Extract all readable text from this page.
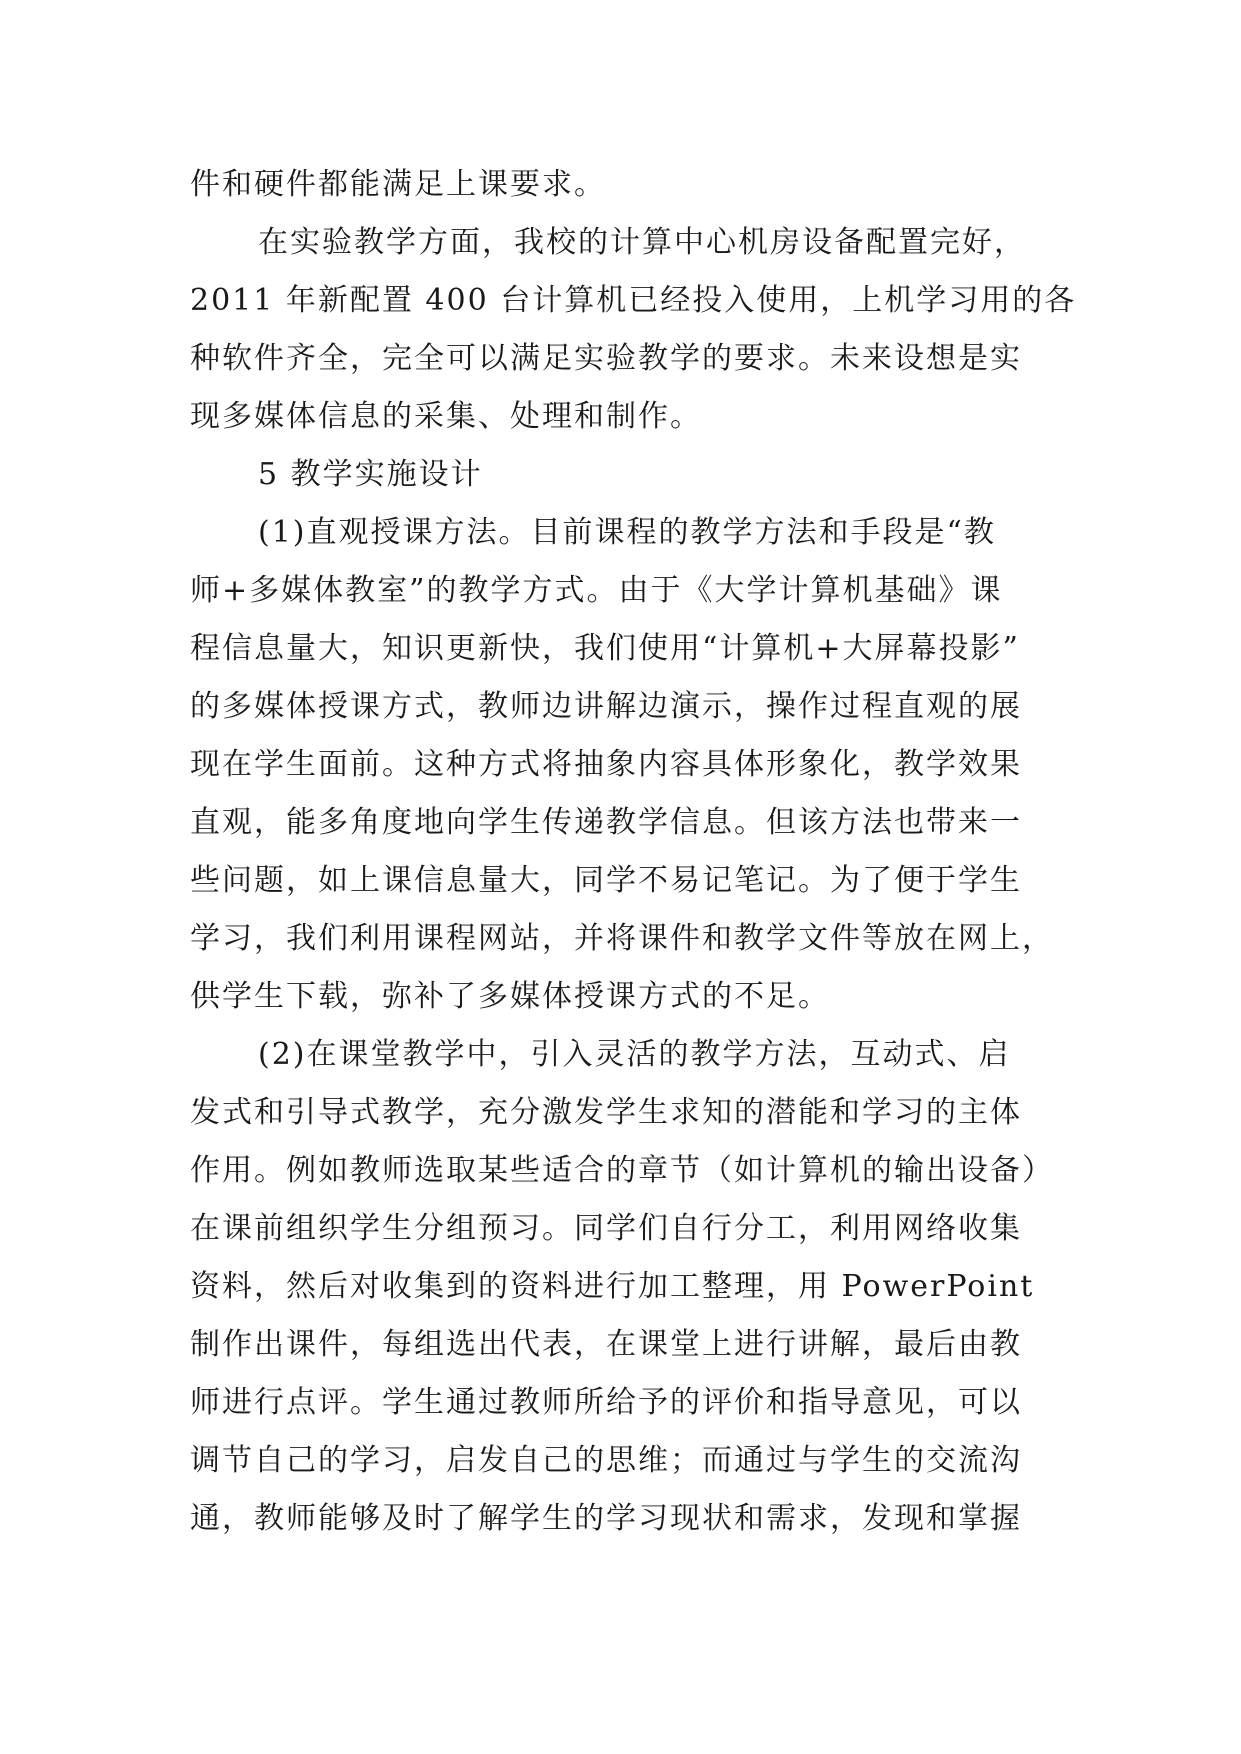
件和硬件都能满足上课要求。
在实验教学方面，我校的计算中心机房设备配置完好，
2011 年新配置 400 台计算机已经投入使用，上机学习用的各
种软件齐全，完全可以满足实验教学的要求。未来设想是实
现多媒体信息的采集、处理和制作。
5 教学实施设计
(1)直观授课方法。目前课程的教学方法和手段是“教
师+多媒体教室”的教学方式。由于《大学计算机基础》课
程信息量大，知识更新快，我们使用“计算机+大屏幕投影”
的多媒体授课方式，教师边讲解边演示，操作过程直观的展
现在学生面前。这种方式将抽象内容具体形象化，教学效果
直观，能多角度地向学生传递教学信息。但该方法也带来一
些问题，如上课信息量大，同学不易记笔记。为了便于学生
学习，我们利用课程网站，并将课件和教学文件等放在网上，
供学生下载，弥补了多媒体授课方式的不足。
(2)在课堂教学中，引入灵活的教学方法，互动式、启
发式和引导式教学，充分激发学生求知的潜能和学习的主体
作用。例如教师选取某些适合的章节（如计算机的输出设备）
在课前组织学生分组预习。同学们自行分工，利用网络收集
资料，然后对收集到的资料进行加工整理，用 PowerPoint
制作出课件，每组选出代表，在课堂上进行讲解，最后由教
师进行点评。学生通过教师所给予的评价和指导意见，可以
调节自己的学习，启发自己的思维；而通过与学生的交流沟
通，教师能够及时了解学生的学习现状和需求，发现和掌握
